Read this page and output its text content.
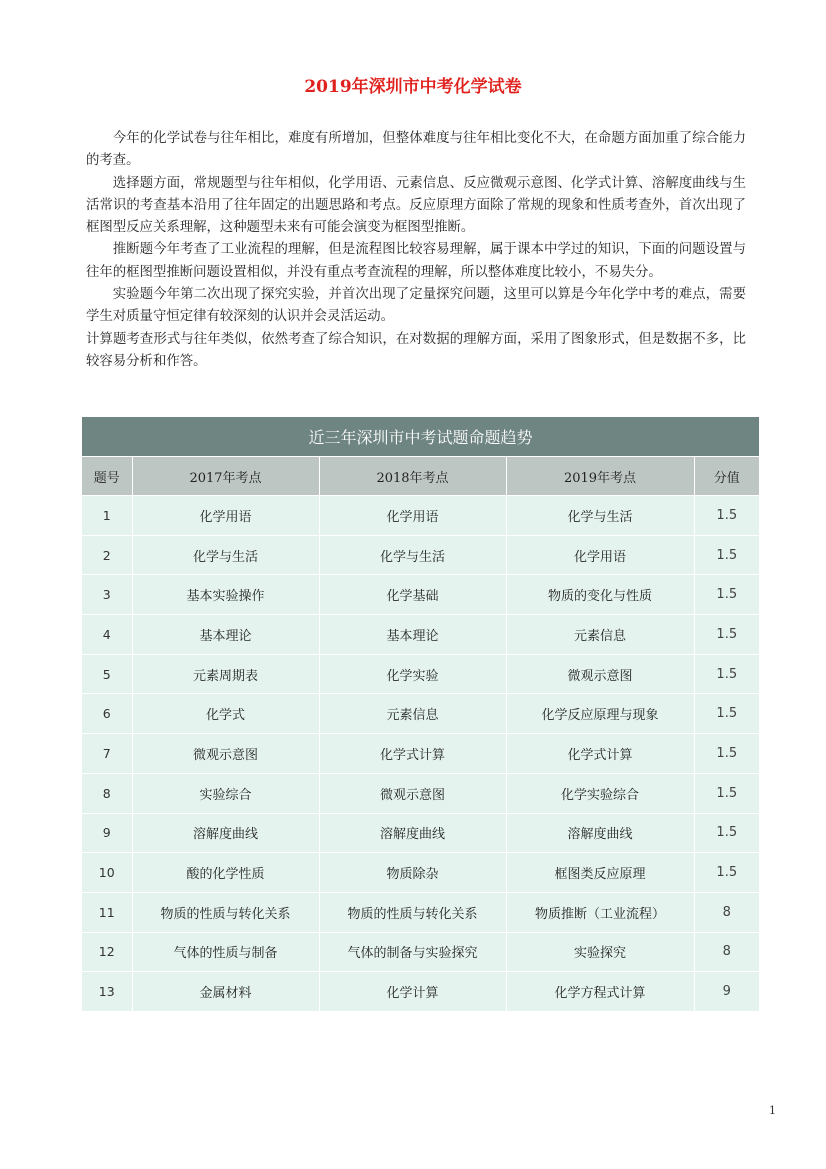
2019年深圳市中考化学试卷

今年的化学试卷与往年相比，难度有所增加，但整体难度与往年相比变化不大，在命题方面加重了综合能力的考查。

选择题方面，常规题型与往年相似，化学用语、元素信息、反应微观示意图、化学式计算、溶解度曲线与生活常识的考查基本沿用了往年固定的出题思路和考点。反应原理方面除了常规的现象和性质考查外，首次出现了框图型反应关系理解，这种题型未来有可能会演变为框图型推断。

推断题今年考查了工业流程的理解，但是流程图比较容易理解，属于课本中学过的知识，下面的问题设置与往年的框图型推断问题设置相似，并没有重点考查流程的理解，所以整体难度比较小，不易失分。

实验题今年第二次出现了探究实验，并首次出现了定量探究问题，这里可以算是今年化学中考的难点，需要学生对质量守恒定律有较深刻的认识并会灵活运动。

计算题考查形式与往年类似，依然考查了综合知识，在对数据的理解方面，采用了图象形式，但是数据不多，比较容易分析和作答。

近三年深圳市中考试题命题趋势				
题号	2017年考点	2018年考点	2019年考点	分值
1	化学用语	化学用语	化学与生活	1.5
2	化学与生活	化学与生活	化学用语	1.5
3	基本实验操作	化学基础	物质的变化与性质	1.5
4	基本理论	基本理论	元素信息	1.5
5	元素周期表	化学实验	微观示意图	1.5
6	化学式	元素信息	化学反应原理与现象	1.5
7	微观示意图	化学式计算	化学式计算	1.5
8	实验综合	微观示意图	化学实验综合	1.5
9	溶解度曲线	溶解度曲线	溶解度曲线	1.5
10	酸的化学性质	物质除杂	框图类反应原理	1.5
11	物质的性质与转化关系	物质的性质与转化关系	物质推断（工业流程）	8
12	气体的性质与制备	气体的制备与实验探究	实验探究	8
13	金属材料	化学计算	化学方程式计算	9
1
